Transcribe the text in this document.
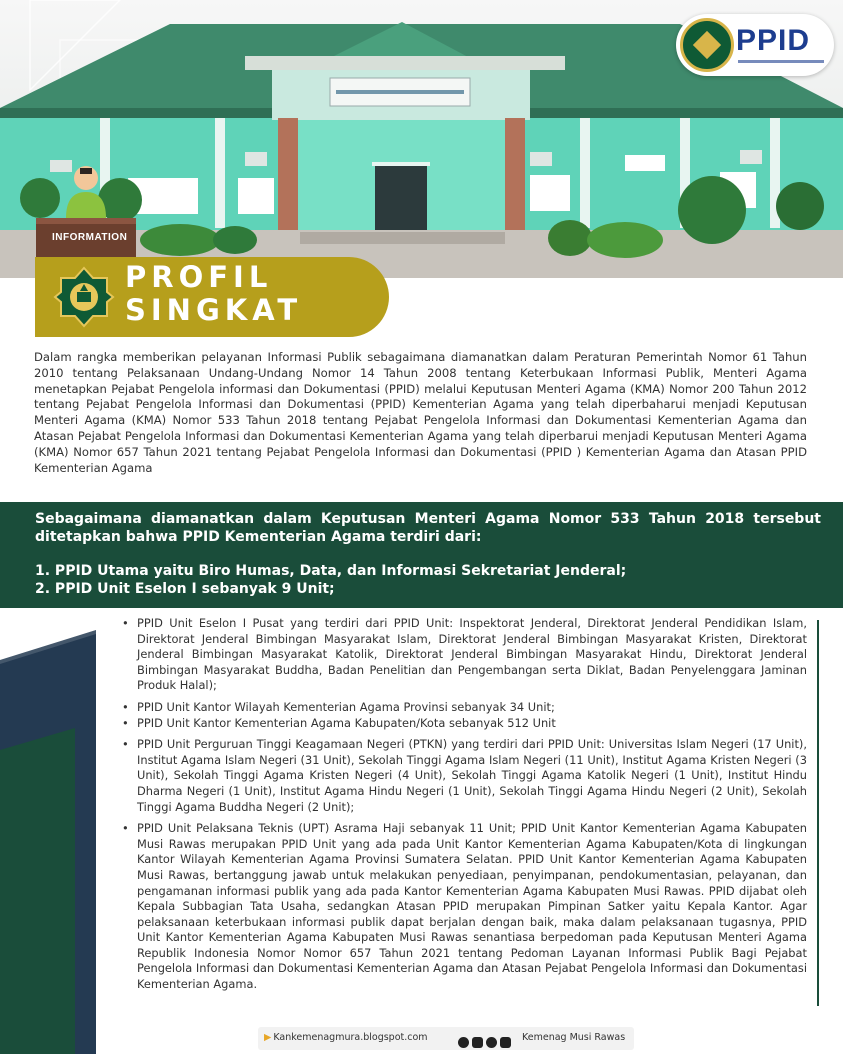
INFORMATION
PPID
PROFIL
SINGKAT
Dalam rangka memberikan pelayanan Informasi Publik sebagaimana diamanatkan dalam Peraturan Pemerintah Nomor 61 Tahun 2010 tentang Pelaksanaan Undang-Undang Nomor 14 Tahun 2008 tentang Keterbukaan Informasi Publik, Menteri Agama menetapkan Pejabat Pengelola informasi dan Dokumentasi (PPID) melalui Keputusan Menteri Agama (KMA) Nomor 200 Tahun 2012 tentang Pejabat Pengelola Informasi dan Dokumentasi (PPID) Kementerian Agama yang telah diperbaharui menjadi Keputusan Menteri Agama (KMA) Nomor 533 Tahun 2018 tentang Pejabat Pengelola Informasi dan Dokumentasi Kementerian Agama dan Atasan Pejabat Pengelola Informasi dan Dokumentasi Kementerian Agama yang telah diperbarui menjadi Keputusan Menteri Agama (KMA) Nomor 657 Tahun 2021 tentang Pejabat Pengelola Informasi dan Dokumentasi (PPID ) Kementerian Agama dan Atasan PPID Kementerian Agama
Sebagaimana diamanatkan dalam Keputusan Menteri Agama Nomor 533 Tahun 2018 tersebut ditetapkan bahwa PPID Kementerian Agama terdiri dari:
1. PPID Utama yaitu Biro Humas, Data, dan Informasi Sekretariat Jenderal;
2. PPID Unit Eselon I sebanyak 9 Unit;
• PPID Unit Eselon I Pusat yang terdiri dari PPID Unit: Inspektorat Jenderal, Direktorat Jenderal Pendidikan Islam, Direktorat Jenderal Bimbingan Masyarakat Islam, Direktorat Jenderal Bimbingan Masyarakat Kristen, Direktorat Jenderal Bimbingan Masyarakat Katolik, Direktorat Jenderal Bimbingan Masyarakat Hindu, Direktorat Jenderal Bimbingan Masyarakat Buddha, Badan Penelitian dan Pengembangan serta Diklat, Badan Penyelenggara Jaminan Produk Halal);
• PPID Unit Kantor Wilayah Kementerian Agama Provinsi sebanyak 34 Unit;
• PPID Unit Kantor Kementerian Agama Kabupaten/Kota sebanyak 512 Unit
• PPID Unit Perguruan Tinggi Keagamaan Negeri (PTKN) yang terdiri dari PPID Unit: Universitas Islam Negeri (17 Unit), Institut Agama Islam Negeri (31 Unit), Sekolah Tinggi Agama Islam Negeri (11 Unit), Institut Agama Kristen Negeri (3 Unit), Sekolah Tinggi Agama Kristen Negeri (4 Unit), Sekolah Tinggi Agama Katolik Negeri (1 Unit), Institut Hindu Dharma Negeri (1 Unit), Institut Agama Hindu Negeri (1 Unit), Sekolah Tinggi Agama Hindu Negeri (2 Unit), Sekolah Tinggi Agama Buddha Negeri (2 Unit);
• PPID Unit Pelaksana Teknis (UPT) Asrama Haji sebanyak 11 Unit; PPID Unit Kantor Kementerian Agama Kabupaten Musi Rawas merupakan PPID Unit yang ada pada Unit Kantor Kementerian Agama Kabupaten/Kota di lingkungan Kantor Wilayah Kementerian Agama Provinsi Sumatera Selatan. PPID Unit Kantor Kementerian Agama Kabupaten Musi Rawas, bertanggung jawab untuk melakukan penyediaan, penyimpanan, pendokumentasian, pelayanan, dan pengamanan informasi publik yang ada pada Kantor Kementerian Agama Kabupaten Musi Rawas. PPID dijabat oleh Kepala Subbagian Tata Usaha, sedangkan Atasan PPID merupakan Pimpinan Satker yaitu Kepala Kantor. Agar pelaksanaan keterbukaan informasi publik dapat berjalan dengan baik, maka dalam pelaksanaan tugasnya, PPID Unit Kantor Kementerian Agama Kabupaten Musi Rawas senantiasa berpedoman pada Keputusan Menteri Agama Republik Indonesia Nomor Nomor 657 Tahun 2021 tentang Pedoman Layanan Informasi Publik Bagi Pejabat Pengelola Informasi dan Dokumentasi Kementerian Agama dan Atasan Pejabat Pengelola Informasi dan Dokumentasi Kementerian Agama.
▶ Kankemenagmura.blogspot.com	Kemenag Musi Rawas
